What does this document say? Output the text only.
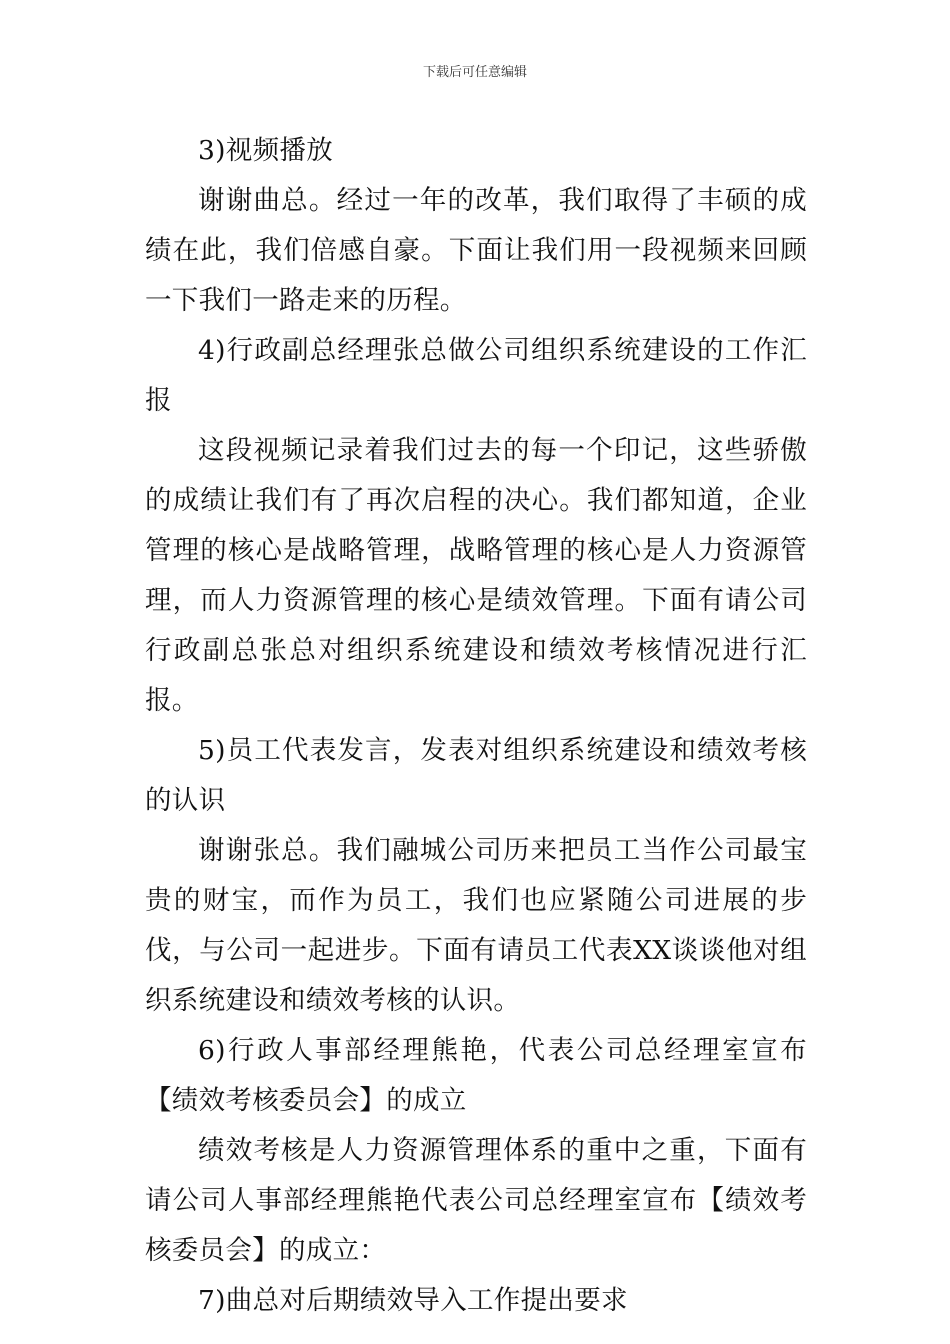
下载后可任意编辑

3)视频播放

谢谢曲总。经过一年的改革，我们取得了丰硕的成绩在此，我们倍感自豪。下面让我们用一段视频来回顾一下我们一路走来的历程。

4)行政副总经理张总做公司组织系统建设的工作汇报

这段视频记录着我们过去的每一个印记，这些骄傲的成绩让我们有了再次启程的决心。我们都知道，企业管理的核心是战略管理，战略管理的核心是人力资源管理，而人力资源管理的核心是绩效管理。下面有请公司行政副总张总对组织系统建设和绩效考核情况进行汇报。

5)员工代表发言，发表对组织系统建设和绩效考核的认识

谢谢张总。我们融城公司历来把员工当作公司最宝贵的财宝，而作为员工，我们也应紧随公司进展的步伐，与公司一起进步。下面有请员工代表XX谈谈他对组织系统建设和绩效考核的认识。

6)行政人事部经理熊艳，代表公司总经理室宣布【绩效考核委员会】的成立

绩效考核是人力资源管理体系的重中之重，下面有请公司人事部经理熊艳代表公司总经理室宣布【绩效考核委员会】的成立：

7)曲总对后期绩效导入工作提出要求
